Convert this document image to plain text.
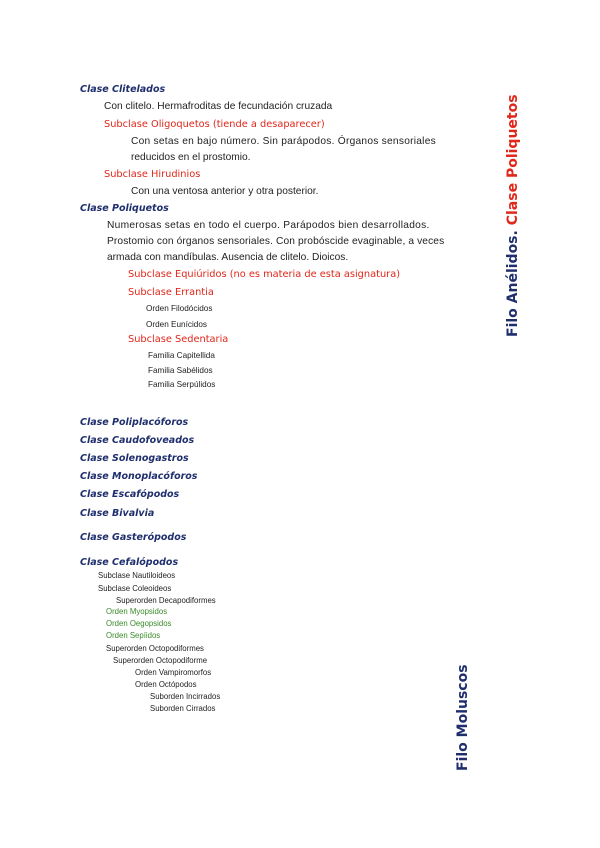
Clase Clitelados

Con clitelo. Hermafroditas de fecundación cruzada

Subclase Oligoquetos (tiende a desaparecer)

Con setas en bajo número. Sin parápodos. Órganos sensoriales

reducidos en el prostomio.

Subclase Hirudinios

Con una ventosa anterior y otra posterior.

Clase Poliquetos

Numerosas setas en todo el cuerpo. Parápodos bien desarrollados.

Prostomio con órganos sensoriales. Con probóscide evaginable, a veces

armada con mandíbulas. Ausencia de clitelo. Dioicos.

Subclase Equiúridos (no es materia de esta asignatura)

Subclase Errantia

Orden Filodócidos

Orden Eunícidos

Subclase Sedentaria

Familia Capitellida

Familia Sabélidos

Familia Serpúlidos

Clase Poliplacóforos

Clase Caudofoveados

Clase Solenogastros

Clase Monoplacóforos

Clase Escafópodos

Clase Bivalvia

Clase Gasterópodos

Clase Cefalópodos

Subclase Nautiloideos

Subclase Coleoideos

Superorden Decapodiformes

Orden Myopsidos

Orden Oegopsidos

Orden Sepíidos

Superorden Octopodiformes

Superorden Octopodiforme

Orden Vampiromorfos

Orden Octópodos

Suborden Incirrados

Suborden Cirrados

Filo Anélidos. Clase Poliquetos
Filo Moluscos
